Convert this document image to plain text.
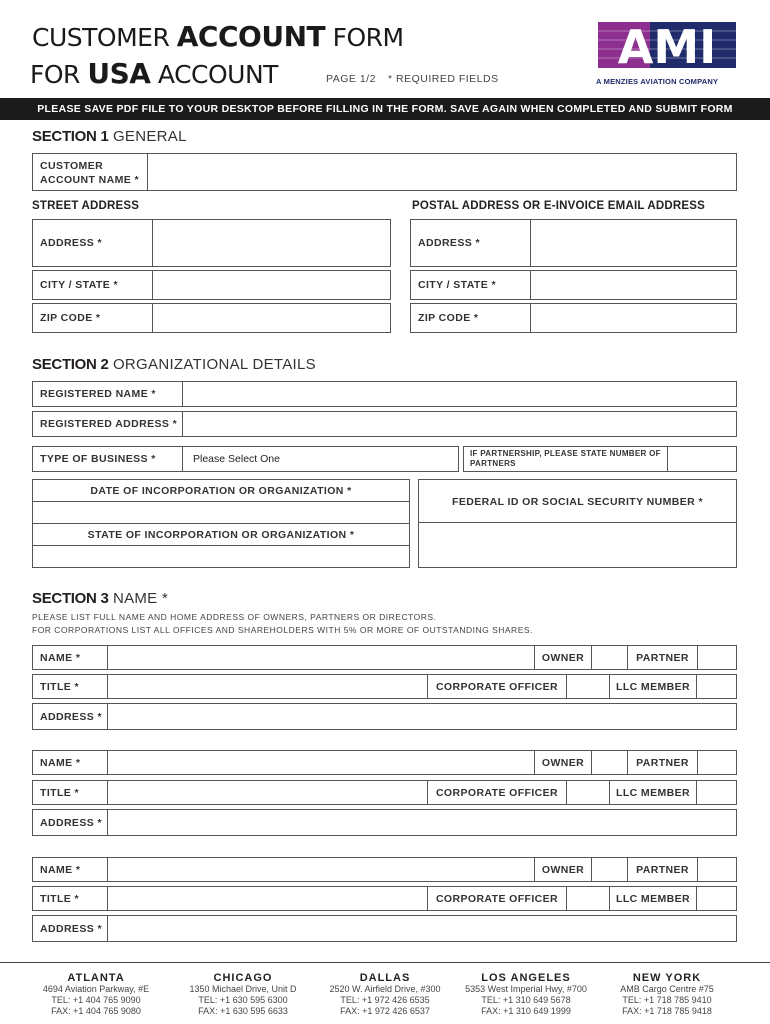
CUSTOMER ACCOUNT FORM
FOR USA ACCOUNT	PAGE 1/2 * REQUIRED FIELDS
AMI
A MENZIES AVIATION COMPANY
PLEASE SAVE PDF FILE TO YOUR DESKTOP BEFORE FILLING IN THE FORM. SAVE AGAIN WHEN COMPLETED AND SUBMIT FORM
SECTION 1 GENERAL
CUSTOMER
ACCOUNT NAME *
STREET ADDRESS	POSTAL ADDRESS OR E-INVOICE EMAIL ADDRESS
ADDRESS *
CITY / STATE *
ZIP CODE *
ADDRESS *
CITY / STATE *
ZIP CODE *
SECTION 2 ORGANIZATIONAL DETAILS
REGISTERED NAME *
REGISTERED ADDRESS *
TYPE OF BUSINESS *	Please Select One	IF PARTNERSHIP, PLEASE STATE NUMBER OF PARTNERS
DATE OF INCORPORATION OR ORGANIZATION *
STATE OF INCORPORATION OR ORGANIZATION *
FEDERAL ID OR SOCIAL SECURITY NUMBER *
SECTION 3 NAME *
PLEASE LIST FULL NAME AND HOME ADDRESS OF OWNERS, PARTNERS OR DIRECTORS.
FOR CORPORATIONS LIST ALL OFFICES AND SHAREHOLDERS WITH 5% OR MORE OF OUTSTANDING SHARES.
NAME *	OWNER	PARTNER
TITLE *	CORPORATE OFFICER	LLC MEMBER
ADDRESS *
NAME *	OWNER	PARTNER
TITLE *	CORPORATE OFFICER	LLC MEMBER
ADDRESS *
NAME *	OWNER	PARTNER
TITLE *	CORPORATE OFFICER	LLC MEMBER
ADDRESS *
ATLANTA
4694 Aviation Parkway, #E
TEL: +1 404 765 9090
FAX: +1 404 765 9080
CHICAGO
1350 Michael Drive, Unit D
TEL: +1 630 595 6300
FAX: +1 630 595 6633
DALLAS
2520 W. Airfield Drive, #300
TEL: +1 972 426 6535
FAX: +1 972 426 6537
LOS ANGELES
5353 West Imperial Hwy, #700
TEL: +1 310 649 5678
FAX: +1 310 649 1999
NEW YORK
AMB Cargo Centre #75
TEL: +1 718 785 9410
FAX: +1 718 785 9418
